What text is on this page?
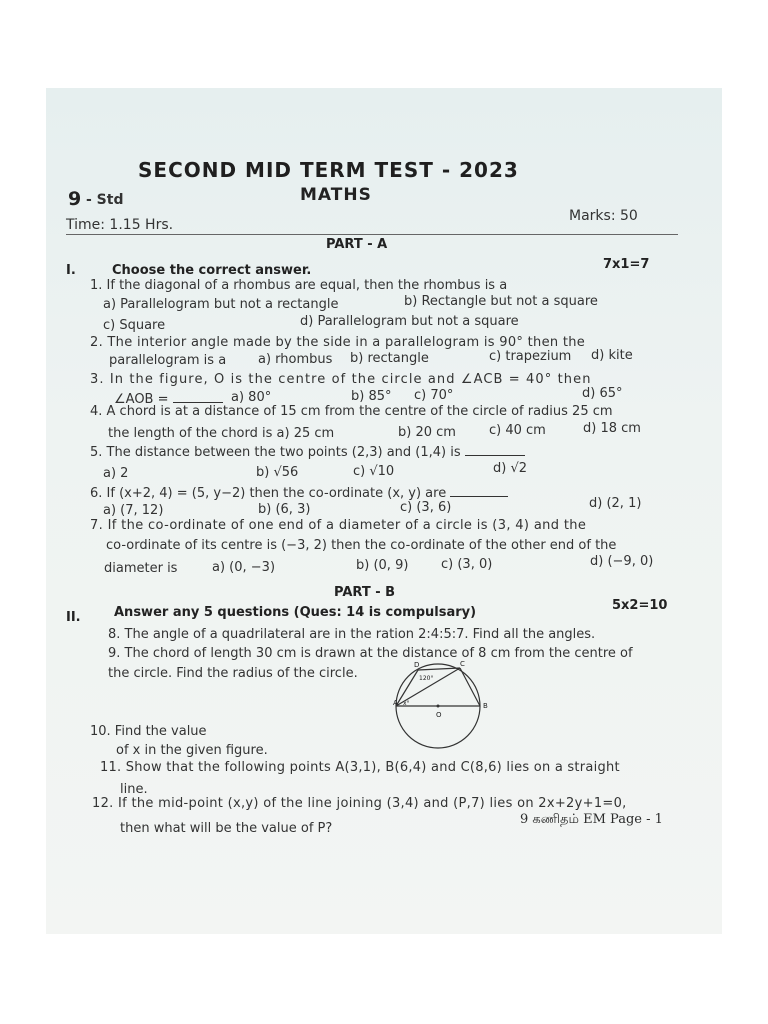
SECOND MID TERM TEST - 2023
9 - Std	MATHS
Time: 1.15 Hrs.
Marks: 50
PART - A
I.	Choose the correct answer.	7x1=7
1. If the diagonal of a rhombus are equal, then the rhombus is a
a) Parallelogram but not a rectangle	b) Rectangle but not a square
c) Square	d) Parallelogram but not a square
2. The interior angle made by the side in a parallelogram is 90° then the
parallelogram is a a) rhombus b) rectangle	c) trapezium d) kite
3. In the figure, O is the centre of the circle and ∠ACB = 40° then
∠AOB =	a) 80°	b) 85° c) 70°	d) 65°
4. A chord is at a distance of 15 cm from the centre of the circle of radius 25 cm
the length of the chord is a) 25 cm	b) 20 cm	c) 40 cm	d) 18 cm
5. The distance between the two points (2,3) and (1,4) is
a) 2	b) √56	c) √10	d) √2
6. If (x+2, 4) = (5, y−2) then the co-ordinate (x, y) are
a) (7, 12)	b) (6, 3)	c) (3, 6)	d) (2, 1)
7. If the co-ordinate of one end of a diameter of a circle is (3, 4) and the
co-ordinate of its centre is (−3, 2) then the co-ordinate of the other end of the
diameter is	a) (0, −3)	b) (0, 9)	c) (3, 0)	d) (−9, 0)
PART - B
II.	Answer any 5 questions (Ques: 14 is compulsary)	5x2=10
8. The angle of a quadrilateral are in the ration 2:4:5:7. Find all the angles.
9. The chord of length 30 cm is drawn at the distance of 8 cm from the centre of
the circle. Find the radius of the circle.
D	C
A	B
O
120°
x°
10. Find the value
of x in the given figure.
11. Show that the following points A(3,1), B(6,4) and C(8,6) lies on a straight
line.
12. If the mid-point (x,y) of the line joining (3,4) and (P,7) lies on 2x+2y+1=0,
then what will be the value of P?
9 கணிதம் EM Page - 1
